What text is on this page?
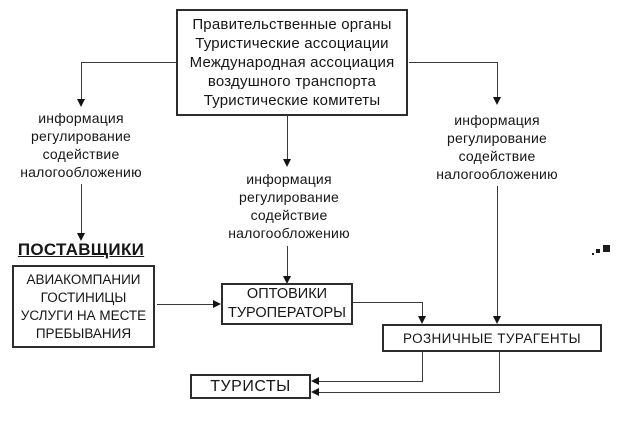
Правительственные органы
Туристические ассоциации
Международная ассоциация
воздушного транспорта
Туристические комитеты
информация
регулирование
содействие
налогообложению	информация
регулирование
содействие
налогообложению
информация
регулирование
содействие
налогообложению
ПОСТАВЩИКИ
АВИАКОМПАНИИ
ГОСТИНИЦЫ
УСЛУГИ НА МЕСТЕ
ПРЕБЫВАНИЯ
ОПТОВИКИ
ТУРОПЕРАТОРЫ
РОЗНИЧНЫЕ ТУРАГЕНТЫ
ТУРИСТЫ
